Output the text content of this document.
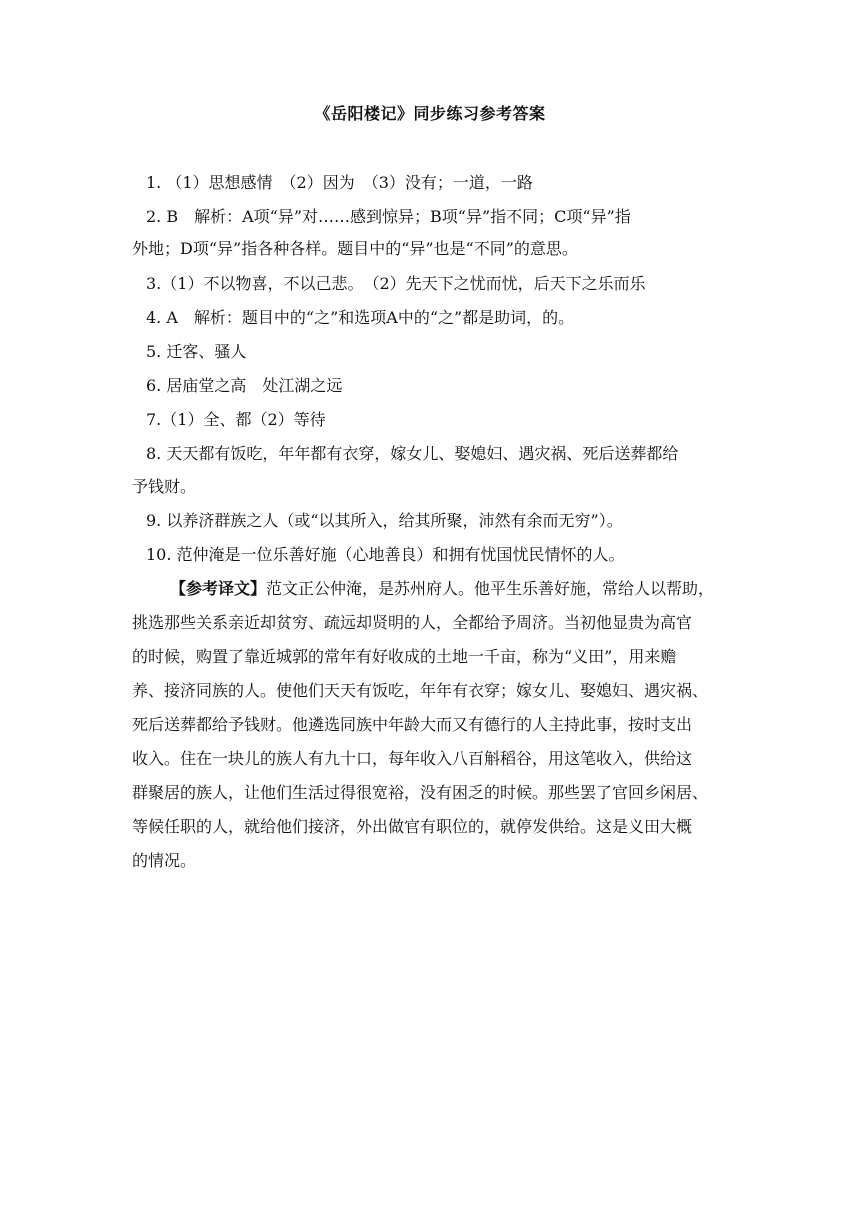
《岳阳楼记》同步练习参考答案
1. （1）思想感情　（2）因为　（3）没有；一道，一路
2. B　解析：A项“异”对……感到惊异；B项“异”指不同；C项“异”指
外地；D项“异”指各种各样。题目中的“异”也是“不同”的意思。
3.（1）不以物喜，不以己悲。　（2）先天下之忧而忧，后天下之乐而乐
4. A　解析：题目中的“之”和选项A中的“之”都是助词，的。
5. 迁客、骚人
6. 居庙堂之高　处江湖之远
7.（1）全、都（2）等待
8. 天天都有饭吃，年年都有衣穿，嫁女儿、娶媳妇、遇灾祸、死后送葬都给
予钱财。
9. 以养济群族之人（或“以其所入，给其所聚，沛然有余而无穷”）。
10. 范仲淹是一位乐善好施（心地善良）和拥有忧国忧民情怀的人。
【参考译文】范文正公仲淹，是苏州府人。他平生乐善好施，常给人以帮助，
挑选那些关系亲近却贫穷、疏远却贤明的人，全都给予周济。当初他显贵为高官
的时候，购置了靠近城郭的常年有好收成的土地一千亩，称为“义田”，用来赡
养、接济同族的人。使他们天天有饭吃，年年有衣穿；嫁女儿、娶媳妇、遇灾祸、
死后送葬都给予钱财。他遴选同族中年龄大而又有德行的人主持此事，按时支出
收入。住在一块儿的族人有九十口，每年收入八百斛稻谷，用这笔收入，供给这
群聚居的族人，让他们生活过得很宽裕，没有困乏的时候。那些罢了官回乡闲居、
等候任职的人，就给他们接济，外出做官有职位的，就停发供给。这是义田大概
的情况。
